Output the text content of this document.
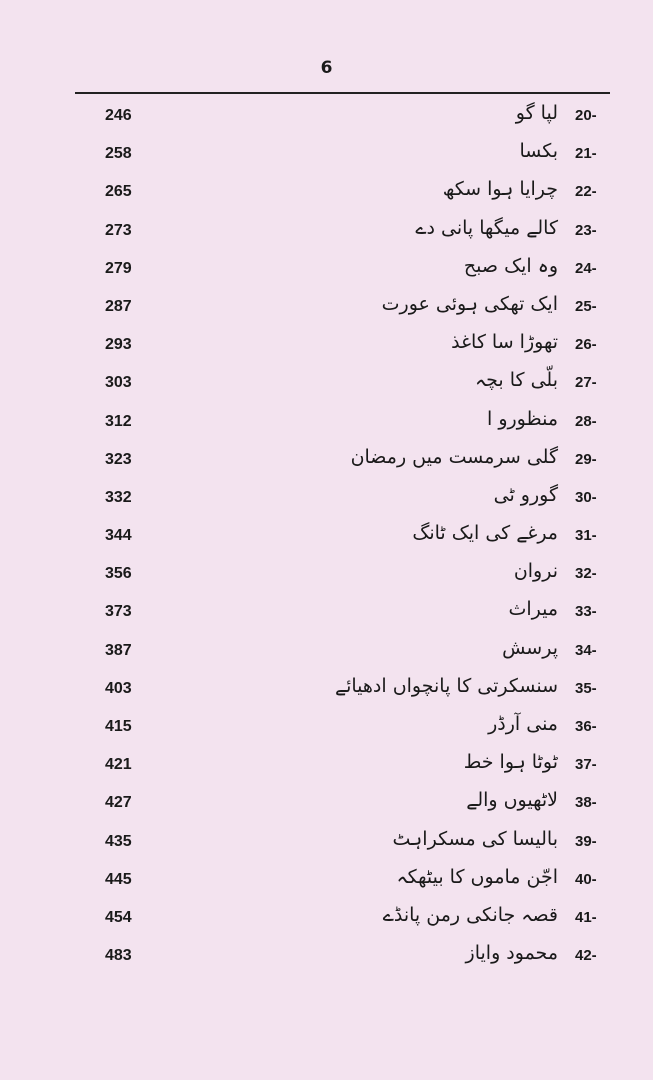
6
246	لپا گو 20-
258	بکسا 21-
265	چرایا ہوا سکھ 22-
273	کالے میگھا پانی دے 23-
279	وہ ایک صبح 24-
287	ایک تھکی ہوئی عورت 25-
293	تھوڑا سا کاغذ 26-
303	بلّی کا بچہ 27-
312	منظورو ا 28-
323	گلی سرمست میں رمضان 29-
332	گورو ٹی 30-
344	مرغے کی ایک ٹانگ 31-
356	نروان 32-
373	میراث 33-
387	پرسش 34-
403	سنسکرتی کا پانچواں ادھیائے 35-
415	منی آرڈر 36-
421	ٹوٹا ہوا خط 37-
427	لاٹھیوں والے 38-
435	بالیسا کی مسکراہٹ 39-
445	اجّن ماموں کا بیٹھکہ 40-
454	قصہ جانکی رمن پانڈے 41-
483	محمود وایاز 42-
